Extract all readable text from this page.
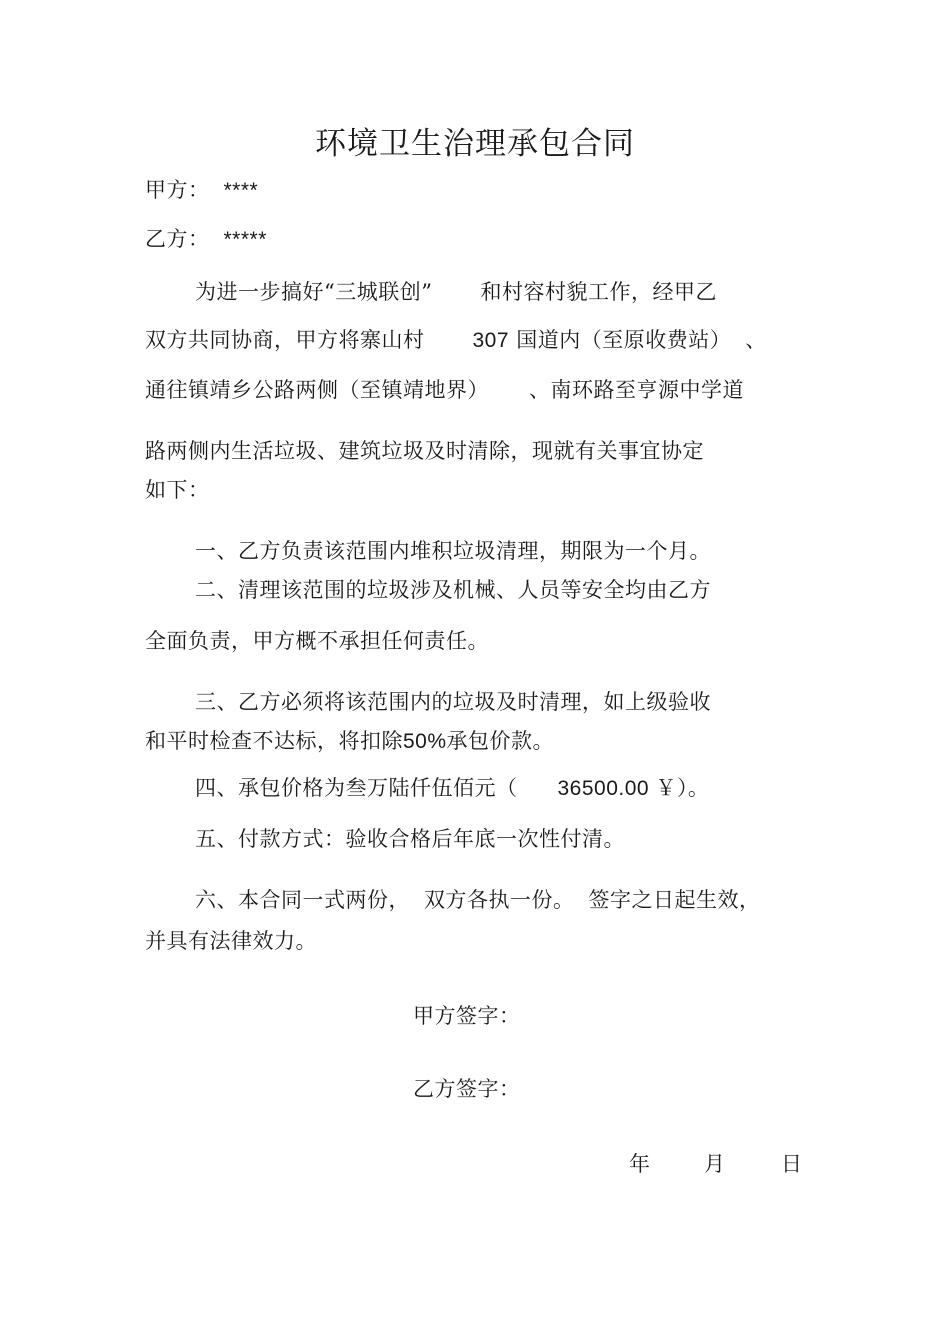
环境卫生治理承包合同
甲方： ****
乙方： *****
为进一步搞好“三城联创” 和村容村貌工作，经甲乙
双方共同协商，甲方将寨山村 307 国道内（至原收费站） 、
通往镇靖乡公路两侧（至镇靖地界） 、南环路至亨源中学道
路两侧内生活垃圾、建筑垃圾及时清除，现就有关事宜协定
如下：
一、乙方负责该范围内堆积垃圾清理，期限为一个月。
二、清理该范围的垃圾涉及机械、人员等安全均由乙方
全面负责，甲方概不承担任何责任。
三、乙方必须将该范围内的垃圾及时清理，如上级验收
和平时检查不达标，将扣除50%承包价款。
四、承包价格为叁万陆仟伍佰元（ 36500.00 ￥）。
五、付款方式：验收合格后年底一次性付清。
六、本合同一式两份， 双方各执一份。 签字之日起生效，
并具有法律效力。
甲方签字：
乙方签字：
年	月	日
